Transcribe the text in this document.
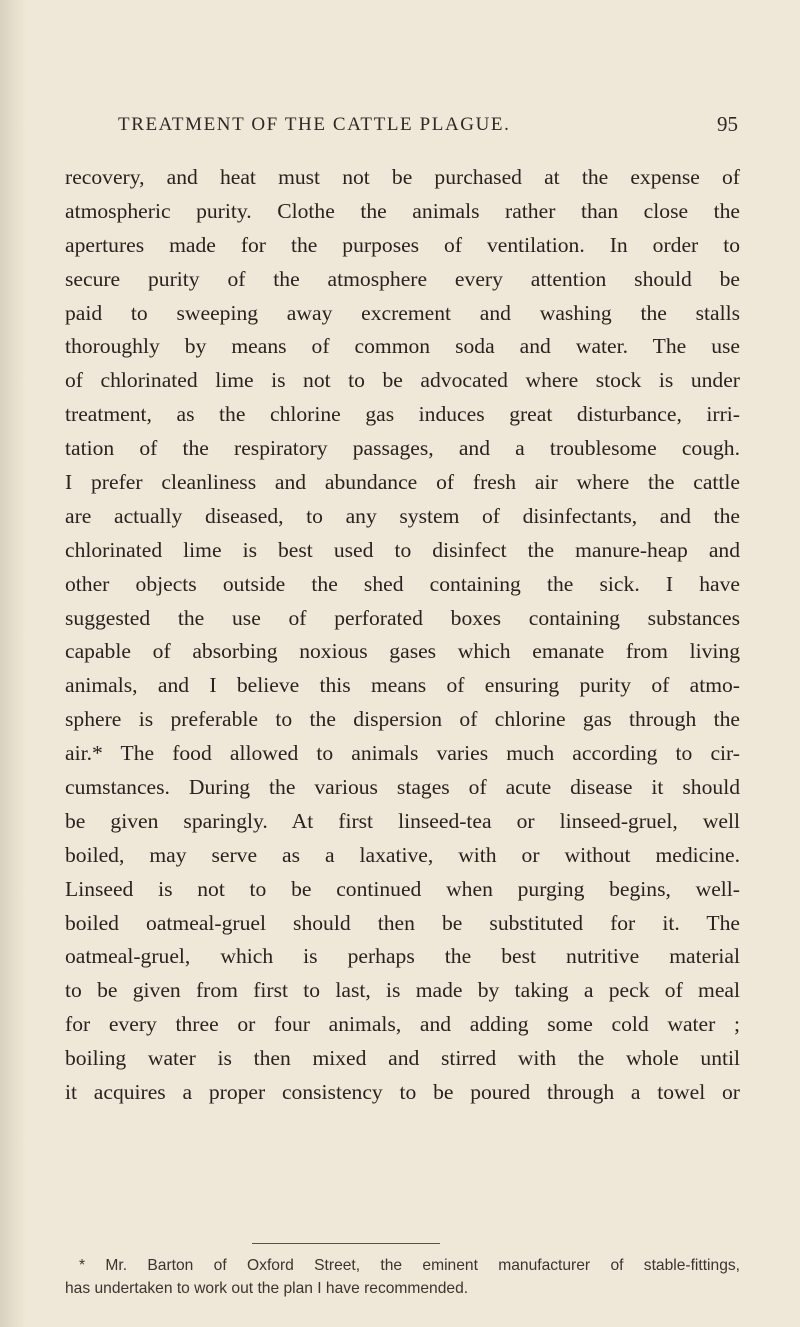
TREATMENT OF THE CATTLE PLAGUE.	95
recovery, and heat must not be purchased at the expense of
atmospheric purity. Clothe the animals rather than close the
apertures made for the purposes of ventilation. In order to
secure purity of the atmosphere every attention should be
paid to sweeping away excrement and washing the stalls
thoroughly by means of common soda and water. The use
of chlorinated lime is not to be advocated where stock is under
treatment, as the chlorine gas induces great disturbance, irri-
tation of the respiratory passages, and a troublesome cough.
I prefer cleanliness and abundance of fresh air where the cattle
are actually diseased, to any system of disinfectants, and the
chlorinated lime is best used to disinfect the manure-heap and
other objects outside the shed containing the sick. I have
suggested the use of perforated boxes containing substances
capable of absorbing noxious gases which emanate from living
animals, and I believe this means of ensuring purity of atmo-
sphere is preferable to the dispersion of chlorine gas through the
air.* The food allowed to animals varies much according to cir-
cumstances. During the various stages of acute disease it should
be given sparingly. At first linseed-tea or linseed-gruel, well
boiled, may serve as a laxative, with or without medicine.
Linseed is not to be continued when purging begins, well-
boiled oatmeal-gruel should then be substituted for it. The
oatmeal-gruel, which is perhaps the best nutritive material
to be given from first to last, is made by taking a peck of meal
for every three or four animals, and adding some cold water ;
boiling water is then mixed and stirred with the whole until
it acquires a proper consistency to be poured through a towel or
* Mr. Barton of Oxford Street, the eminent manufacturer of stable-fittings,
has undertaken to work out the plan I have recommended.
